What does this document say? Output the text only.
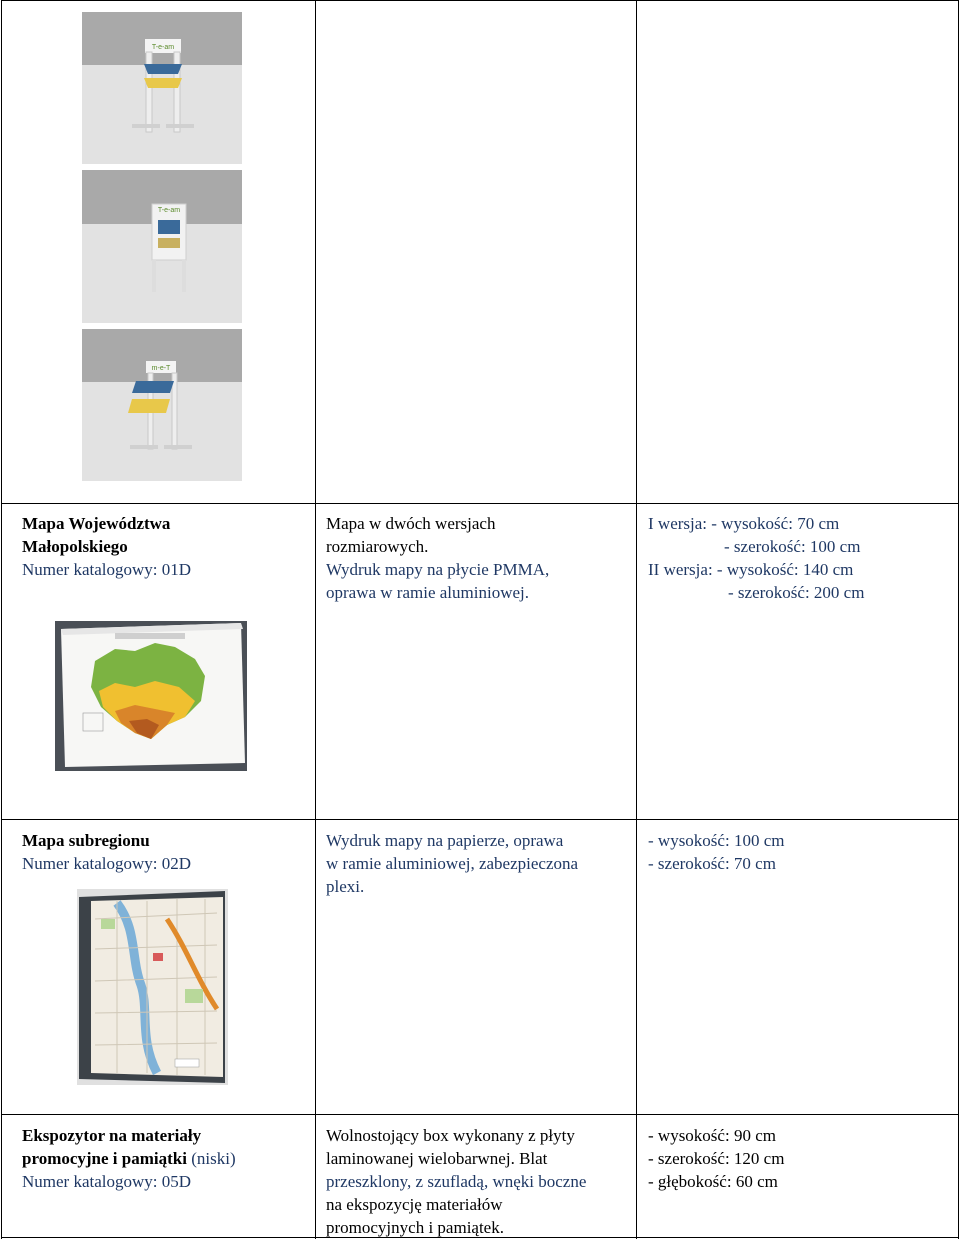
T-e-am
T-e-am
m-e-T
Mapa Województwa
Małopolskiego
Numer katalogowy: 01D
Mapa w dwóch wersjach
rozmiarowych.
Wydruk mapy na płycie PMMA,
oprawa w ramie aluminiowej.
I wersja: - wysokość: 70 cm
- szerokość: 100 cm
II wersja: - wysokość: 140 cm
- szerokość: 200 cm
Mapa subregionu
Numer katalogowy: 02D
Wydruk mapy na papierze, oprawa
w ramie aluminiowej, zabezpieczona
plexi.
- wysokość: 100 cm
- szerokość: 70 cm
Ekspozytor na materiały
promocyjne i pamiątki (niski)
Numer katalogowy: 05D
Wolnostojący box wykonany z płyty
laminowanej wielobarwnej. Blat
przeszklony, z szufladą, wnęki boczne
na ekspozycję materiałów
promocyjnych i pamiątek.
- wysokość: 90 cm
- szerokość: 120 cm
- głębokość: 60 cm
